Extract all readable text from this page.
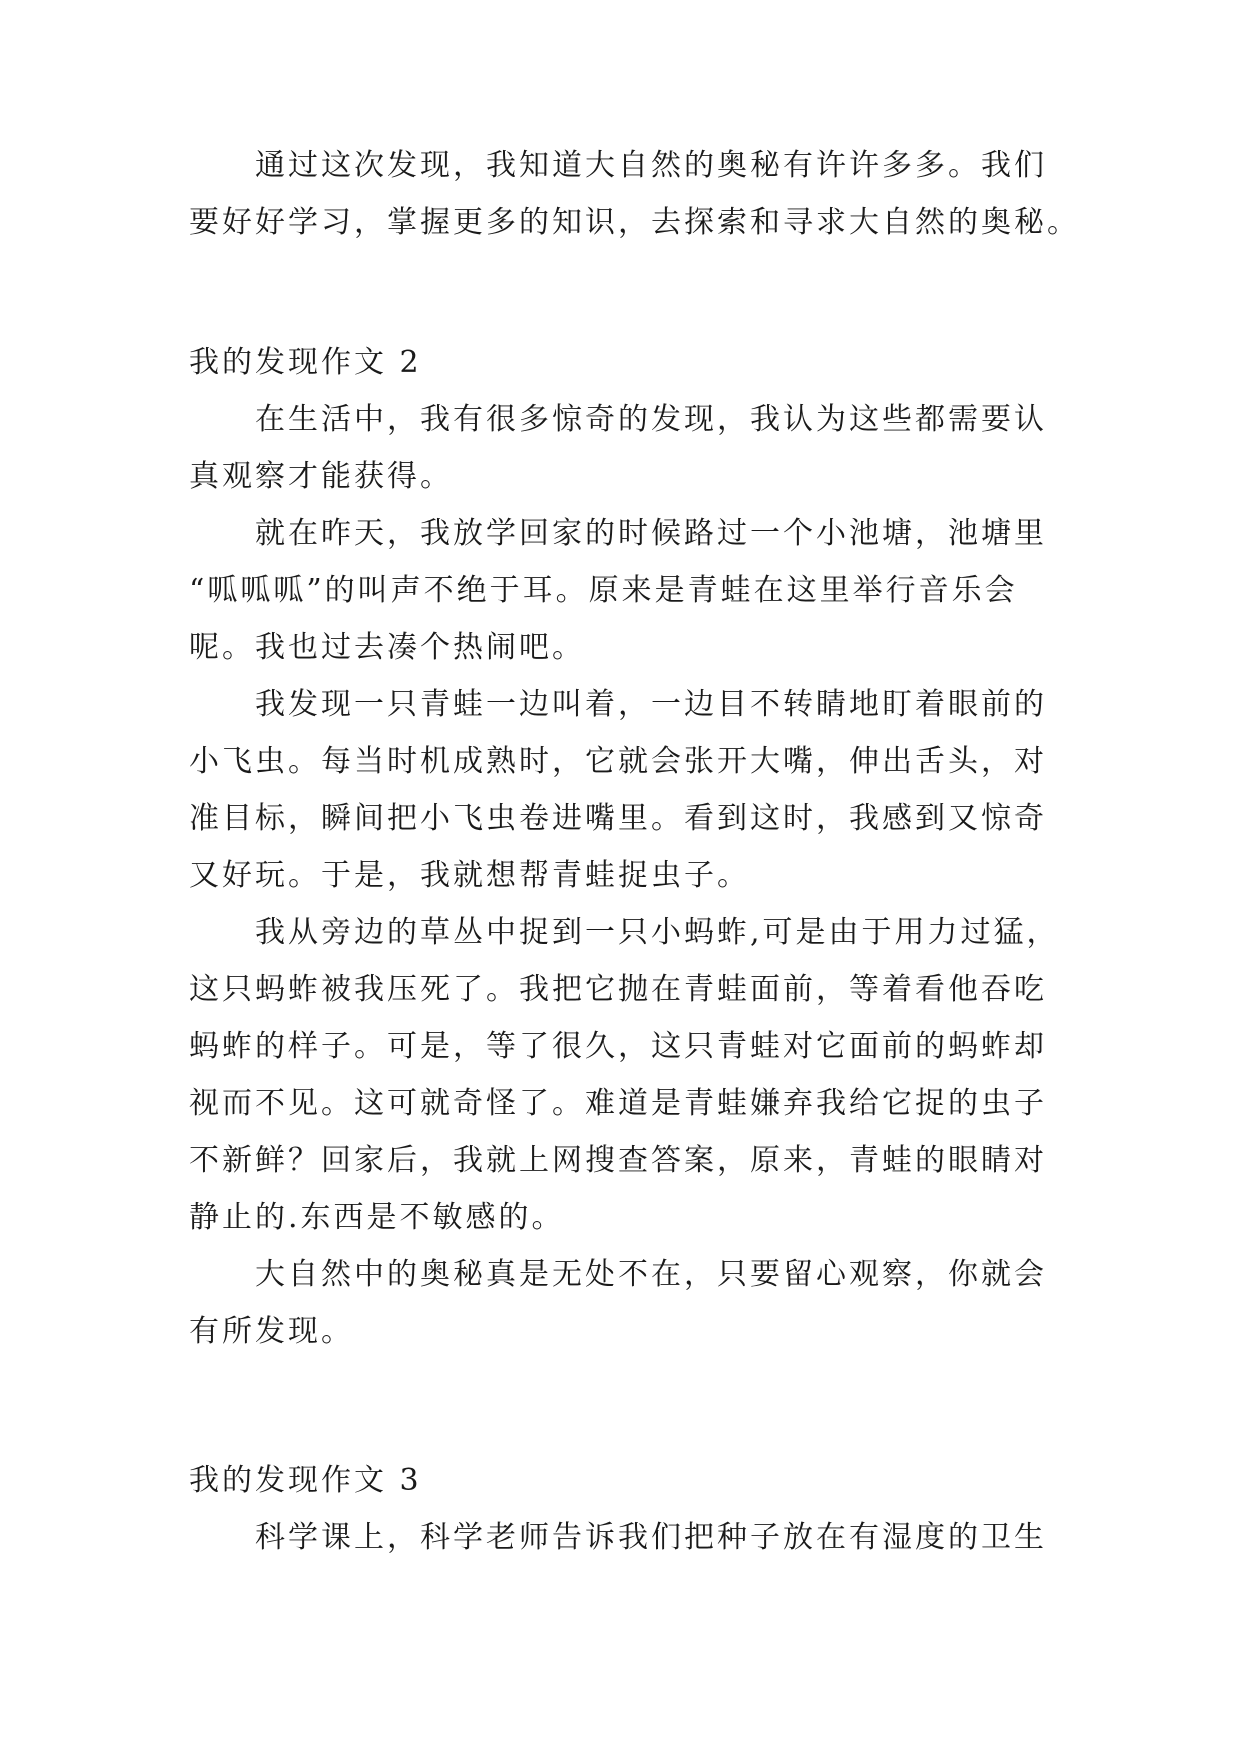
通过这次发现，我知道大自然的奥秘有许许多多。我们
要好好学习，掌握更多的知识，去探索和寻求大自然的奥秘。
我的发现作文 2
在生活中，我有很多惊奇的发现，我认为这些都需要认
真观察才能获得。
就在昨天，我放学回家的时候路过一个小池塘，池塘里
“呱呱呱”的叫声不绝于耳。原来是青蛙在这里举行音乐会
呢。我也过去凑个热闹吧。
我发现一只青蛙一边叫着，一边目不转睛地盯着眼前的
小飞虫。每当时机成熟时，它就会张开大嘴，伸出舌头，对
准目标，瞬间把小飞虫卷进嘴里。看到这时，我感到又惊奇
又好玩。于是，我就想帮青蛙捉虫子。
我从旁边的草丛中捉到一只小蚂蚱,可是由于用力过猛，
这只蚂蚱被我压死了。我把它抛在青蛙面前，等着看他吞吃
蚂蚱的样子。可是，等了很久，这只青蛙对它面前的蚂蚱却
视而不见。这可就奇怪了。难道是青蛙嫌弃我给它捉的虫子
不新鲜？回家后，我就上网搜查答案，原来，青蛙的眼睛对
静止的.东西是不敏感的。
大自然中的奥秘真是无处不在，只要留心观察，你就会
有所发现。
我的发现作文 3
科学课上，科学老师告诉我们把种子放在有湿度的卫生
